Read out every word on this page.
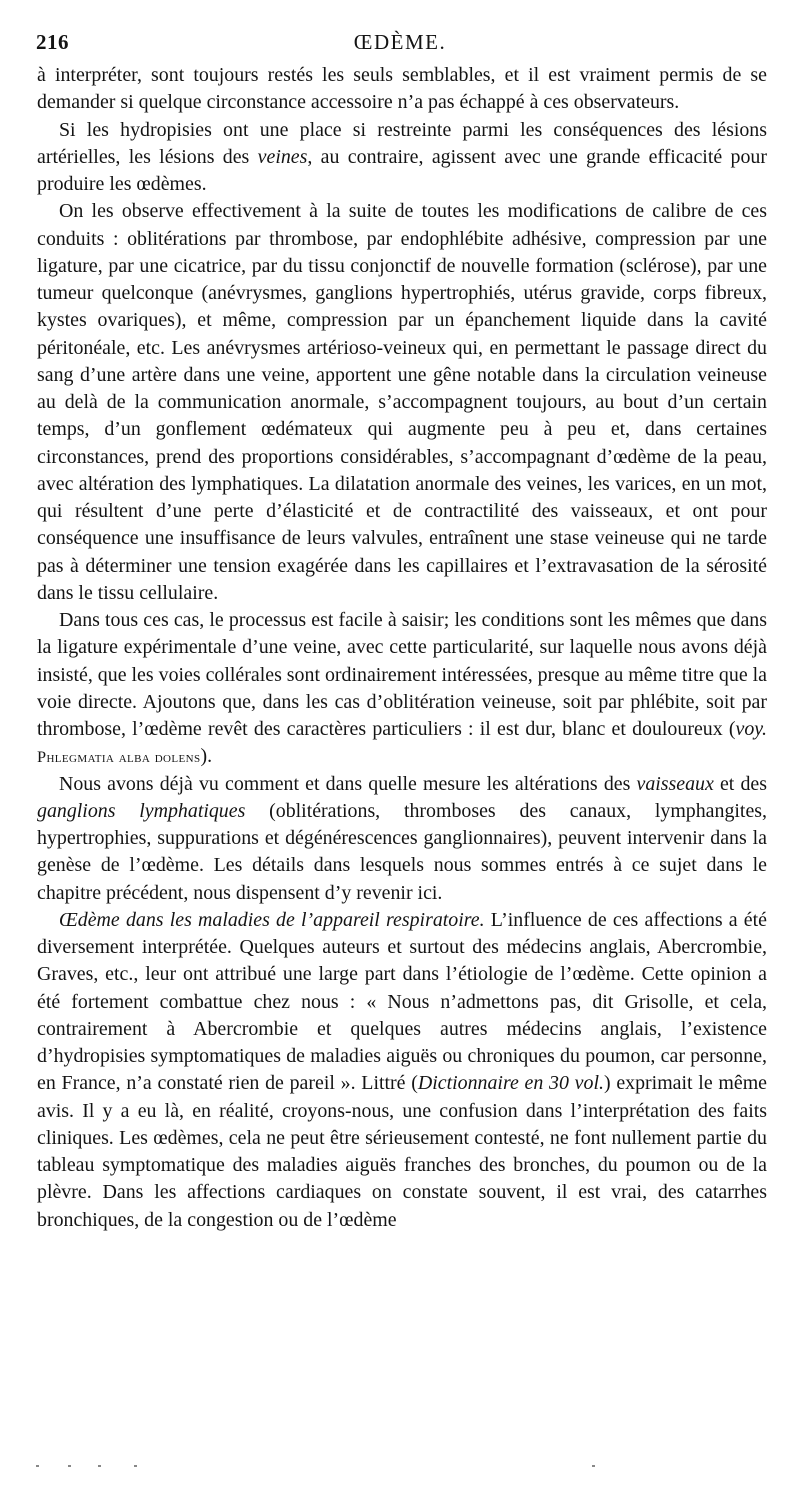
216	ŒDÈME.

à interpréter, sont toujours restés les seuls semblables, et il est vraiment permis de se demander si quelque circonstance accessoire n’a pas échappé à ces observateurs.

Si les hydropisies ont une place si restreinte parmi les conséquences des lésions artérielles, les lésions des veines, au contraire, agissent avec une grande efficacité pour produire les œdèmes.

On les observe effectivement à la suite de toutes les modifications de calibre de ces conduits : oblitérations par thrombose, par endophlébite adhésive, compression par une ligature, par une cicatrice, par du tissu conjonctif de nouvelle formation (sclérose), par une tumeur quelconque (anévrysmes, ganglions hypertrophiés, utérus gravide, corps fibreux, kystes ovariques), et même, compression par un épanchement liquide dans la cavité péritonéale, etc. Les anévrysmes artérioso-veineux qui, en permettant le passage direct du sang d’une artère dans une veine, apportent une gêne notable dans la circulation veineuse au delà de la communication anormale, s’accompagnent toujours, au bout d’un certain temps, d’un gonflement œdémateux qui augmente peu à peu et, dans certaines circonstances, prend des proportions considérables, s’accompagnant d’œdème de la peau, avec altération des lymphatiques. La dilatation anormale des veines, les varices, en un mot, qui résultent d’une perte d’élasticité et de contractilité des vaisseaux, et ont pour conséquence une insuffisance de leurs valvules, entraînent une stase veineuse qui ne tarde pas à déterminer une tension exagérée dans les capillaires et l’extravasation de la sérosité dans le tissu cellulaire.

Dans tous ces cas, le processus est facile à saisir; les conditions sont les mêmes que dans la ligature expérimentale d’une veine, avec cette particularité, sur laquelle nous avons déjà insisté, que les voies collérales sont ordinairement intéressées, presque au même titre que la voie directe. Ajoutons que, dans les cas d’oblitération veineuse, soit par phlébite, soit par thrombose, l’œdème revêt des caractères particuliers : il est dur, blanc et douloureux (voy. Phlegmatia alba dolens).

Nous avons déjà vu comment et dans quelle mesure les altérations des vaisseaux et des ganglions lymphatiques (oblitérations, thromboses des canaux, lymphangites, hypertrophies, suppurations et dégénérescences ganglionnaires), peuvent intervenir dans la genèse de l’œdème. Les détails dans lesquels nous sommes entrés à ce sujet dans le chapitre précédent, nous dispensent d’y revenir ici.

Œdème dans les maladies de l’appareil respiratoire. L’influence de ces affections a été diversement interprétée. Quelques auteurs et surtout des médecins anglais, Abercrombie, Graves, etc., leur ont attribué une large part dans l’étiologie de l’œdème. Cette opinion a été fortement combattue chez nous : « Nous n’admettons pas, dit Grisolle, et cela, contrairement à Abercrombie et quelques autres médecins anglais, l’existence d’hydropisies symptomatiques de maladies aiguës ou chroniques du poumon, car personne, en France, n’a constaté rien de pareil ». Littré (Dictionnaire en 30 vol.) exprimait le même avis. Il y a eu là, en réalité, croyons-nous, une confusion dans l’interprétation des faits cliniques. Les œdèmes, cela ne peut être sérieusement contesté, ne font nullement partie du tableau symptomatique des maladies aiguës franches des bronches, du poumon ou de la plèvre. Dans les affections cardiaques on constate souvent, il est vrai, des catarrhes bronchiques, de la congestion ou de l’œdème
